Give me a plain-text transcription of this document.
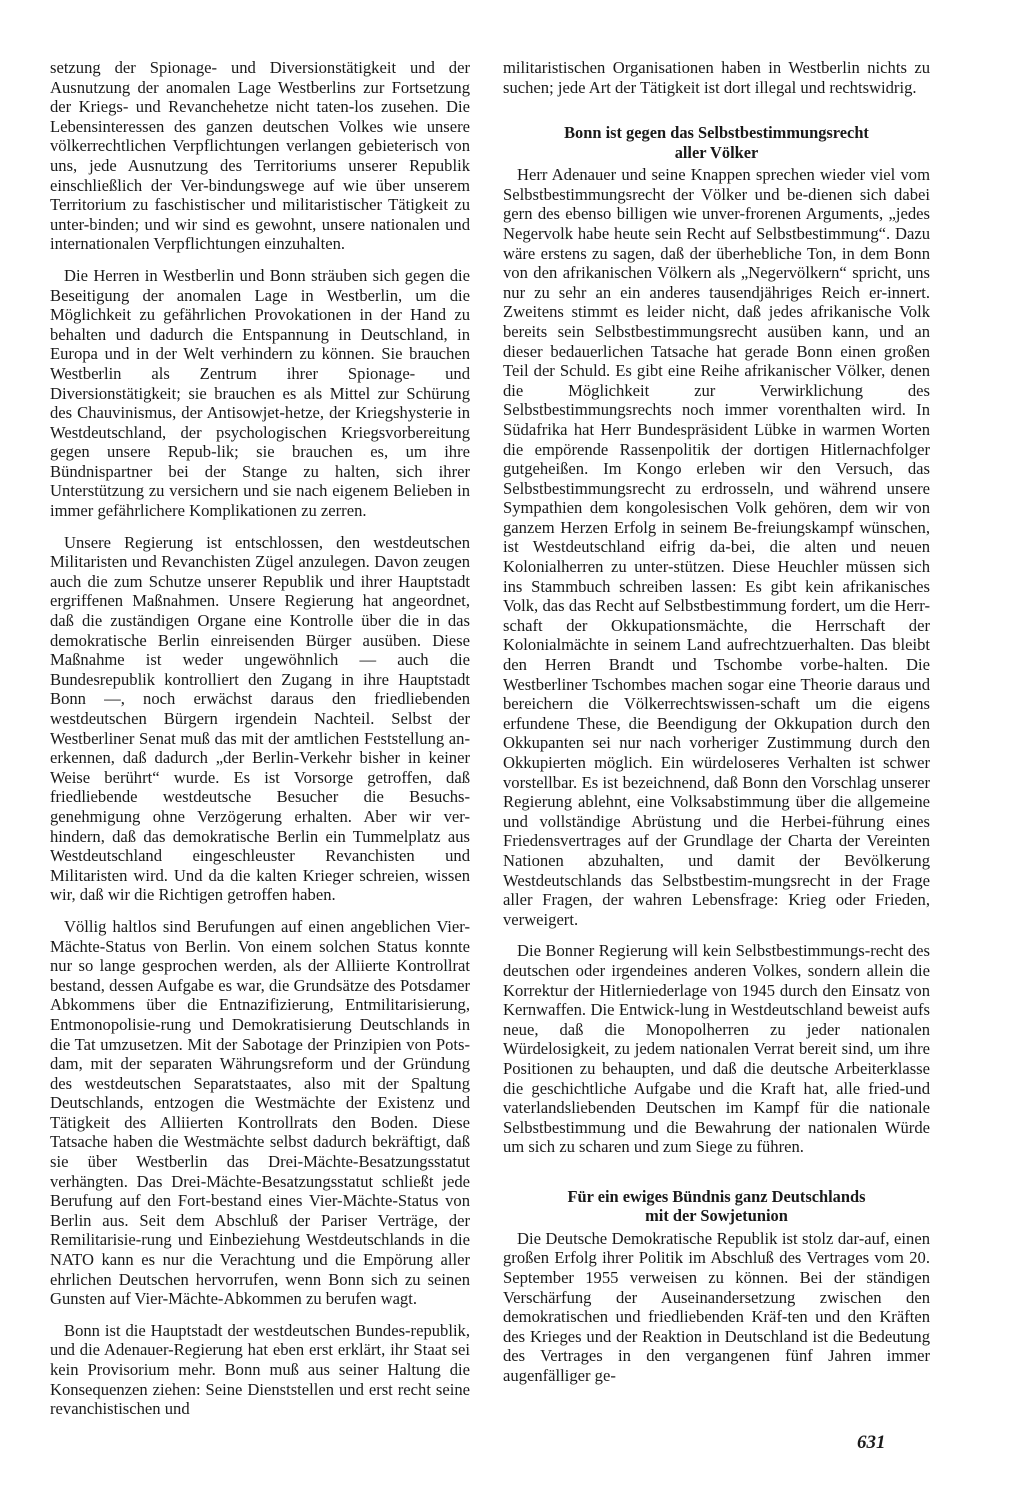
setzung der Spionage- und Diversionstätigkeit und der Ausnutzung der anomalen Lage Westberlins zur Fortsetzung der Kriegs- und Revanchehetze nicht taten-los zusehen. Die Lebensinteressen des ganzen deutschen Volkes wie unsere völkerrechtlichen Verpflichtungen verlangen gebieterisch von uns, jede Ausnutzung des Territoriums unserer Republik einschließlich der Ver-bindungswege auf wie über unserem Territorium zu faschistischer und militaristischer Tätigkeit zu unter-binden; und wir sind es gewohnt, unsere nationalen und internationalen Verpflichtungen einzuhalten.

Die Herren in Westberlin und Bonn sträuben sich gegen die Beseitigung der anomalen Lage in Westberlin, um die Möglichkeit zu gefährlichen Provokationen in der Hand zu behalten und dadurch die Entspannung in Deutschland, in Europa und in der Welt verhindern zu können. Sie brauchen Westberlin als Zentrum ihrer Spionage- und Diversionstätigkeit; sie brauchen es als Mittel zur Schürung des Chauvinismus, der Antisowjet-hetze, der Kriegshysterie in Westdeutschland, der psychologischen Kriegsvorbereitung gegen unsere Repub-lik; sie brauchen es, um ihre Bündnispartner bei der Stange zu halten, sich ihrer Unterstützung zu versichern und sie nach eigenem Belieben in immer gefährlichere Komplikationen zu zerren.

Unsere Regierung ist entschlossen, den westdeutschen Militaristen und Revanchisten Zügel anzulegen. Davon zeugen auch die zum Schutze unserer Republik und ihrer Hauptstadt ergriffenen Maßnahmen. Unsere Regierung hat angeordnet, daß die zuständigen Organe eine Kontrolle über die in das demokratische Berlin einreisenden Bürger ausüben. Diese Maßnahme ist weder ungewöhnlich — auch die Bundesrepublik kontrolliert den Zugang in ihre Hauptstadt Bonn —, noch erwächst daraus den friedliebenden westdeutschen Bürgern irgendein Nachteil. Selbst der Westberliner Senat muß das mit der amtlichen Feststellung an-erkennen, daß dadurch „der Berlin-Verkehr bisher in keiner Weise berührt“ wurde. Es ist Vorsorge getroffen, daß friedliebende westdeutsche Besucher die Besuchs-genehmigung ohne Verzögerung erhalten. Aber wir ver-hindern, daß das demokratische Berlin ein Tummelplatz aus Westdeutschland eingeschleuster Revanchisten und Militaristen wird. Und da die kalten Krieger schreien, wissen wir, daß wir die Richtigen getroffen haben.

Völlig haltlos sind Berufungen auf einen angeblichen Vier-Mächte-Status von Berlin. Von einem solchen Status konnte nur so lange gesprochen werden, als der Alliierte Kontrollrat bestand, dessen Aufgabe es war, die Grundsätze des Potsdamer Abkommens über die Entnazifizierung, Entmilitarisierung, Entmonopolisie-rung und Demokratisierung Deutschlands in die Tat umzusetzen. Mit der Sabotage der Prinzipien von Pots-dam, mit der separaten Währungsreform und der Gründung des westdeutschen Separatstaates, also mit der Spaltung Deutschlands, entzogen die Westmächte der Existenz und Tätigkeit des Alliierten Kontrollrats den Boden. Diese Tatsache haben die Westmächte selbst dadurch bekräftigt, daß sie über Westberlin das Drei-Mächte-Besatzungsstatut verhängten. Das Drei-Mächte-Besatzungsstatut schließt jede Berufung auf den Fort-bestand eines Vier-Mächte-Status von Berlin aus. Seit dem Abschluß der Pariser Verträge, der Remilitarisie-rung und Einbeziehung Westdeutschlands in die NATO kann es nur die Verachtung und die Empörung aller ehrlichen Deutschen hervorrufen, wenn Bonn sich zu seinen Gunsten auf Vier-Mächte-Abkommen zu berufen wagt.

Bonn ist die Hauptstadt der westdeutschen Bundes-republik, und die Adenauer-Regierung hat eben erst erklärt, ihr Staat sei kein Provisorium mehr. Bonn muß aus seiner Haltung die Konsequenzen ziehen: Seine Dienststellen und erst recht seine revanchistischen und

militaristischen Organisationen haben in Westberlin nichts zu suchen; jede Art der Tätigkeit ist dort illegal und rechtswidrig.

Bonn ist gegen das Selbstbestimmungsrecht

aller Völker

Herr Adenauer und seine Knappen sprechen wieder viel vom Selbstbestimmungsrecht der Völker und be-dienen sich dabei gern des ebenso billigen wie unver-frorenen Arguments, „jedes Negervolk habe heute sein Recht auf Selbstbestimmung“. Dazu wäre erstens zu sagen, daß der überhebliche Ton, in dem Bonn von den afrikanischen Völkern als „Negervölkern“ spricht, uns nur zu sehr an ein anderes tausendjähriges Reich er-innert. Zweitens stimmt es leider nicht, daß jedes afrikanische Volk bereits sein Selbstbestimmungsrecht ausüben kann, und an dieser bedauerlichen Tatsache hat gerade Bonn einen großen Teil der Schuld. Es gibt eine Reihe afrikanischer Völker, denen die Möglichkeit zur Verwirklichung des Selbstbestimmungsrechts noch immer vorenthalten wird. In Südafrika hat Herr Bundespräsident Lübke in warmen Worten die empörende Rassenpolitik der dortigen Hitlernachfolger gutgeheißen. Im Kongo erleben wir den Versuch, das Selbstbestimmungsrecht zu erdrosseln, und während unsere Sympathien dem kongolesischen Volk gehören, dem wir von ganzem Herzen Erfolg in seinem Be-freiungskampf wünschen, ist Westdeutschland eifrig da-bei, die alten und neuen Kolonialherren zu unter-stützen. Diese Heuchler müssen sich ins Stammbuch schreiben lassen: Es gibt kein afrikanisches Volk, das das Recht auf Selbstbestimmung fordert, um die Herr-schaft der Okkupationsmächte, die Herrschaft der Kolonialmächte in seinem Land aufrechtzuerhalten. Das bleibt den Herren Brandt und Tschombe vorbe-halten. Die Westberliner Tschombes machen sogar eine Theorie daraus und bereichern die Völkerrechtswissen-schaft um die eigens erfundene These, die Beendigung der Okkupation durch den Okkupanten sei nur nach vorheriger Zustimmung durch den Okkupierten möglich. Ein würdeloseres Verhalten ist schwer vorstellbar. Es ist bezeichnend, daß Bonn den Vorschlag unserer Regierung ablehnt, eine Volksabstimmung über die allgemeine und vollständige Abrüstung und die Herbei-führung eines Friedensvertrages auf der Grundlage der Charta der Vereinten Nationen abzuhalten, und damit der Bevölkerung Westdeutschlands das Selbstbestim-mungsrecht in der Frage aller Fragen, der wahren Lebensfrage: Krieg oder Frieden, verweigert.

Die Bonner Regierung will kein Selbstbestimmungs-recht des deutschen oder irgendeines anderen Volkes, sondern allein die Korrektur der Hitlerniederlage von 1945 durch den Einsatz von Kernwaffen. Die Entwick-lung in Westdeutschland beweist aufs neue, daß die Monopolherren zu jeder nationalen Würdelosigkeit, zu jedem nationalen Verrat bereit sind, um ihre Positionen zu behaupten, und daß die deutsche Arbeiterklasse die geschichtliche Aufgabe und die Kraft hat, alle fried-und vaterlandsliebenden Deutschen im Kampf für die nationale Selbstbestimmung und die Bewahrung der nationalen Würde um sich zu scharen und zum Siege zu führen.

Für ein ewiges Bündnis ganz Deutschlands

mit der Sowjetunion

Die Deutsche Demokratische Republik ist stolz dar-auf, einen großen Erfolg ihrer Politik im Abschluß des Vertrages vom 20. September 1955 verweisen zu können. Bei der ständigen Verschärfung der Auseinandersetzung zwischen den demokratischen und friedliebenden Kräf-ten und den Kräften des Krieges und der Reaktion in Deutschland ist die Bedeutung des Vertrages in den vergangenen fünf Jahren immer augenfälliger ge-

631
